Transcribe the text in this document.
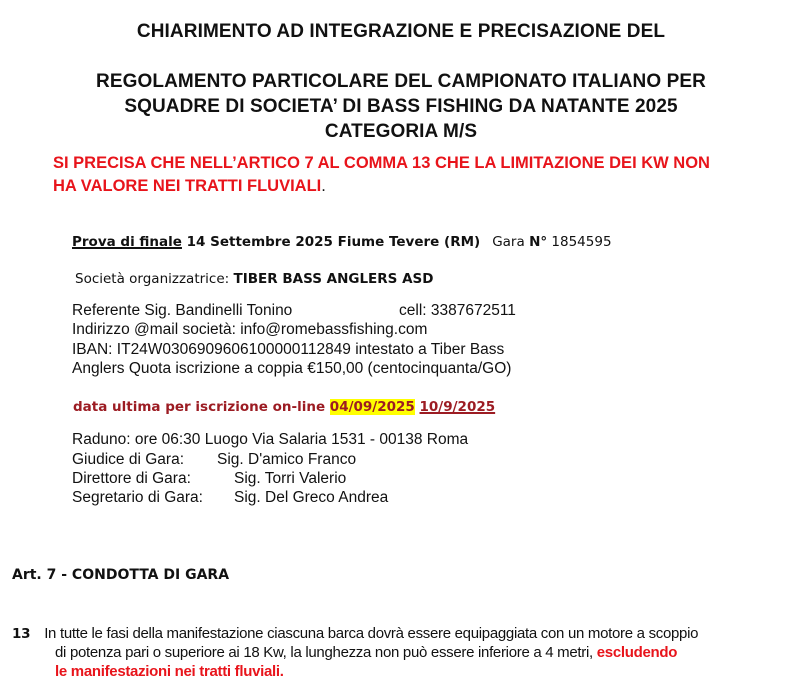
CHIARIMENTO AD INTEGRAZIONE E PRECISAZIONE DEL
REGOLAMENTO PARTICOLARE DEL CAMPIONATO ITALIANO PER
SQUADRE DI SOCIETA’ DI BASS FISHING DA NATANTE 2025
CATEGORIA M/S
SI PRECISA CHE NELL’ARTICO 7 AL COMMA 13 CHE LA LIMITAZIONE DEI KW NON
HA VALORE NEI TRATTI FLUVIALI.
Prova di finale 14 Settembre 2025 Fiume Tevere (RM) Gara N° 1854595
Società organizzatrice: TIBER BASS ANGLERS ASD
Referente Sig. Bandinelli Tonino	cell: 3387672511
Indirizzo @mail società: info@romebassfishing.com
IBAN: IT24W0306909606100000112849 intestato a Tiber Bass
Anglers Quota iscrizione a coppia €150,00 (centocinquanta/GO)
data ultima per iscrizione on-line 04/09/2025 10/9/2025
Raduno: ore 06:30 Luogo Via Salaria 1531 - 00138 Roma
Giudice di Gara: Sig. D'amico Franco
Direttore di Gara:	Sig. Torri Valerio
Segretario di Gara: Sig. Del Greco Andrea
Art. 7 - CONDOTTA DI GARA
13 In tutte le fasi della manifestazione ciascuna barca dovrà essere equipaggiata con un motore a scoppio
di potenza pari o superiore ai 18 Kw, la lunghezza non può essere inferiore a 4 metri, escludendo
le manifestazioni nei tratti fluviali.
